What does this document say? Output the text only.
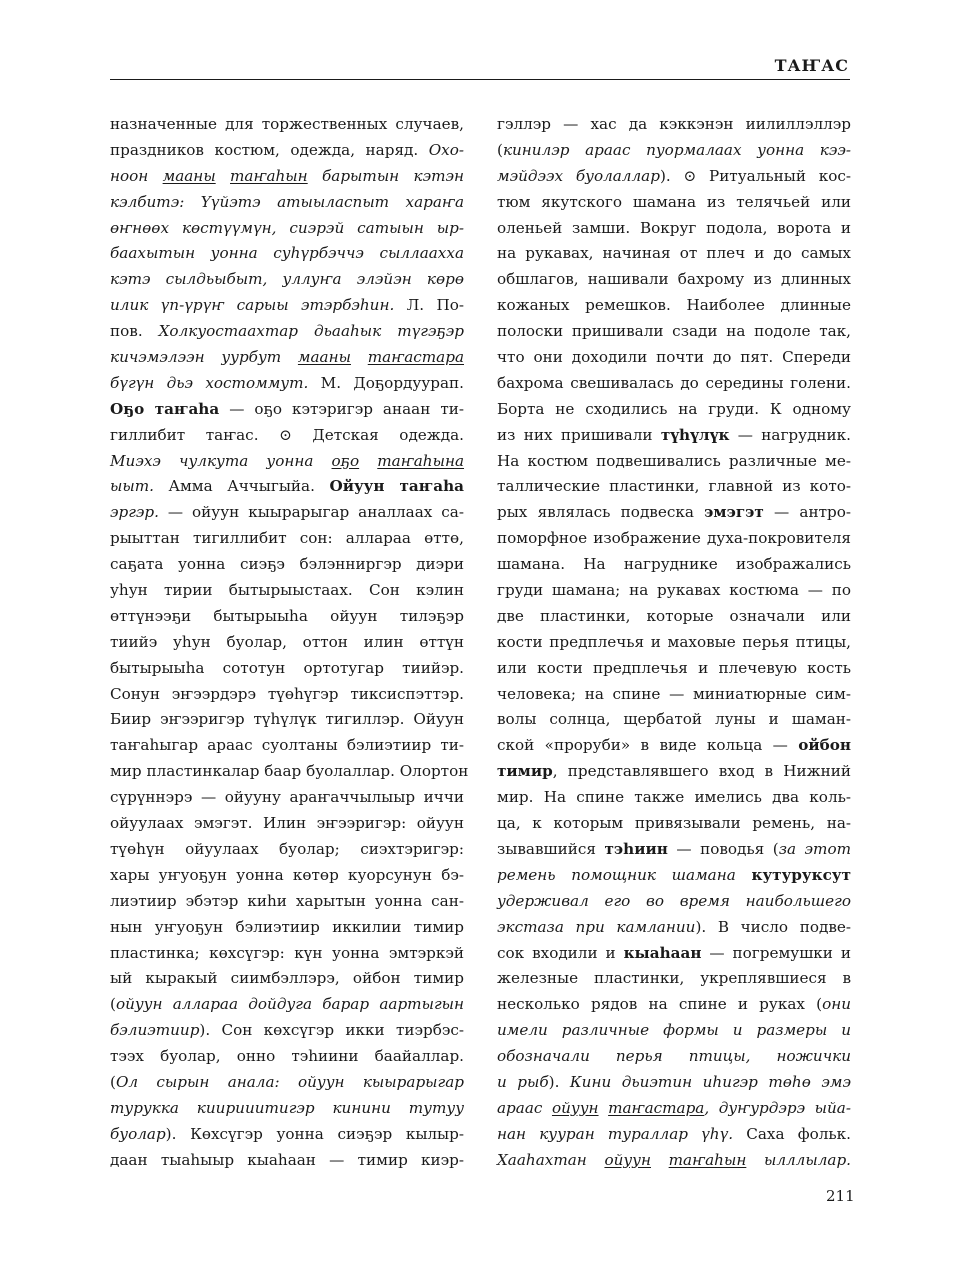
ТАҤАС
назначенные для торжественных случаев,
праздников костюм, одежда, наряд. Охо-
ноон мааны таҥаһын барытын кэтэн
кэлбитэ: Үүйэтэ атыыласпыт хараҥа
өҥнөөх көстүүмүн, сиэрэй сатыын ыр-
баахытын уонна суһүрбэччэ сыллааххa
кэтэ сылдьыбыт, уллуҥа элэйэн көрө
илик үп-үрүҥ сарыы этэрбэһин. Л. По-
пов. Холкуостаахтар дьааһык түгэҕэр
кичэмэлээн уурбут мааны таҥастара
бүгүн дьэ хостоммут. М. Доҕордуурап.
Оҕо таҥаһа — оҕо кэтэригэр анаан ти-
гиллибит таҥас. ⊙ Детская одежда.
Миэхэ чулкута уонна оҕо таҥаһына
ыыт. Амма Аччыгыйа. Ойуун таҥаһа
эргэр. — ойуун кыырарыгар аналлаах са-
рыыттан тигиллибит сон: алларaа өттө,
саҕата уонна сиэҕэ бэлэнниргэр диэри
уһун тирии бытырыыстаах. Сон кэлин
өттүнээҕи бытырыыһа ойуун тилэҕэр
тиийэ уһун буолар, оттон илин өттүн
бытырыыһа сототун ортотугар тиийэр.
Сонун эҥээрдэрэ түөһүгэр тиксиспэттэр.
Биир эҥээригэр түһүлүк тигиллэр. Ойуун
таҥаһыгар араас суолтаны бэлиэтиир ти-
мир пластинкалар баар буолаллар. Олортон
сүрүннэрэ — ойууну араҥаччылыыр иччи
ойуулаах эмэгэт. Илин эҥээригэр: ойуун
түөһүн ойуулаах буолар; сиэхтэригэр:
хары уҥуоҕун уонна көтөр куорсунун бэ-
лиэтиир эбэтэр киһи харытын уонна сан-
нын уҥуоҕун бэлиэтиир иккилии тимир
пластинка; көхсүгэр: күн уонна эмтэркэй
ый кыракый сиимбэллэрэ, ойбон тимир
(ойуун аллараа дойдуга барар аартыгын
бэлиэтиир). Сон көхсүгэр икки тиэрбэс-
тээх буолар, онно тэһиини баайаллар.
(Ол сырын анала: ойуун кыырарыгар
турукка киирииитигэр кинини тутуу
буолар). Көхсүгэр уонна сиэҕэр кылыр-
даан тыаһыыр кыаһаан — тимир киэр-
гэллэр — хас да кэккэнэн иилиллэллэр
(кинилэр араас пуормалаах уонна кээ-
мэйдээх буолаллар). ⊙ Ритуальный кос-
тюм якутского шамана из телячьей или
оленьей замши. Вокруг подола, ворота и
на рукавах, начиная от плеч и до самых
обшлагов, нашивали бахрому из длинных
кожаных ремешков. Наиболее длинные
полоски пришивали сзади на подоле так,
что они доходили почти до пят. Спереди
бахрома свешивалась до середины голени.
Борта не сходились на груди. К одному
из них пришивали түһүлүк — нагрудник.
На костюм подвешивались различные ме-
таллические пластинки, главной из кото-
рых являлась подвеска эмэгэт — антро-
поморфное изображение духа-покровителя
шамана. На нагруднике изображались
груди шамана; на рукавах костюма — по
две пластинки, которые означали или
кости предплечья и маховые перья птицы,
или кости предплечья и плечевую кость
человека; на спине — миниатюрные сим-
волы солнца, щербатой луны и шаман-
ской «проруби» в виде кольца — ойбон
тимир, представлявшего вход в Нижний
мир. На спине также имелись два коль-
ца, к которым привязывали ремень, на-
зывавшийся тэһиин — поводья (за этот
ремень помощник шамана кутуруксут
удерживал его во время наибольшего
экстаза при камлании). В число подве-
сок входили и кыаһаан — погремушки и
железные пластинки, укреплявшиеся в
несколько рядов на спине и руках (они
имели различные формы и размеры и
обозначали перья птицы, ножички
и рыб). Кини дьиэтин иһигэр төһө эмэ
араас ойуун таҥастара, дуҥурдэрэ ыйа-
нан кууран тураллар үһү. Саха фольк.
Хааһахтан ойуун таҥаһын ылллылар.
211
